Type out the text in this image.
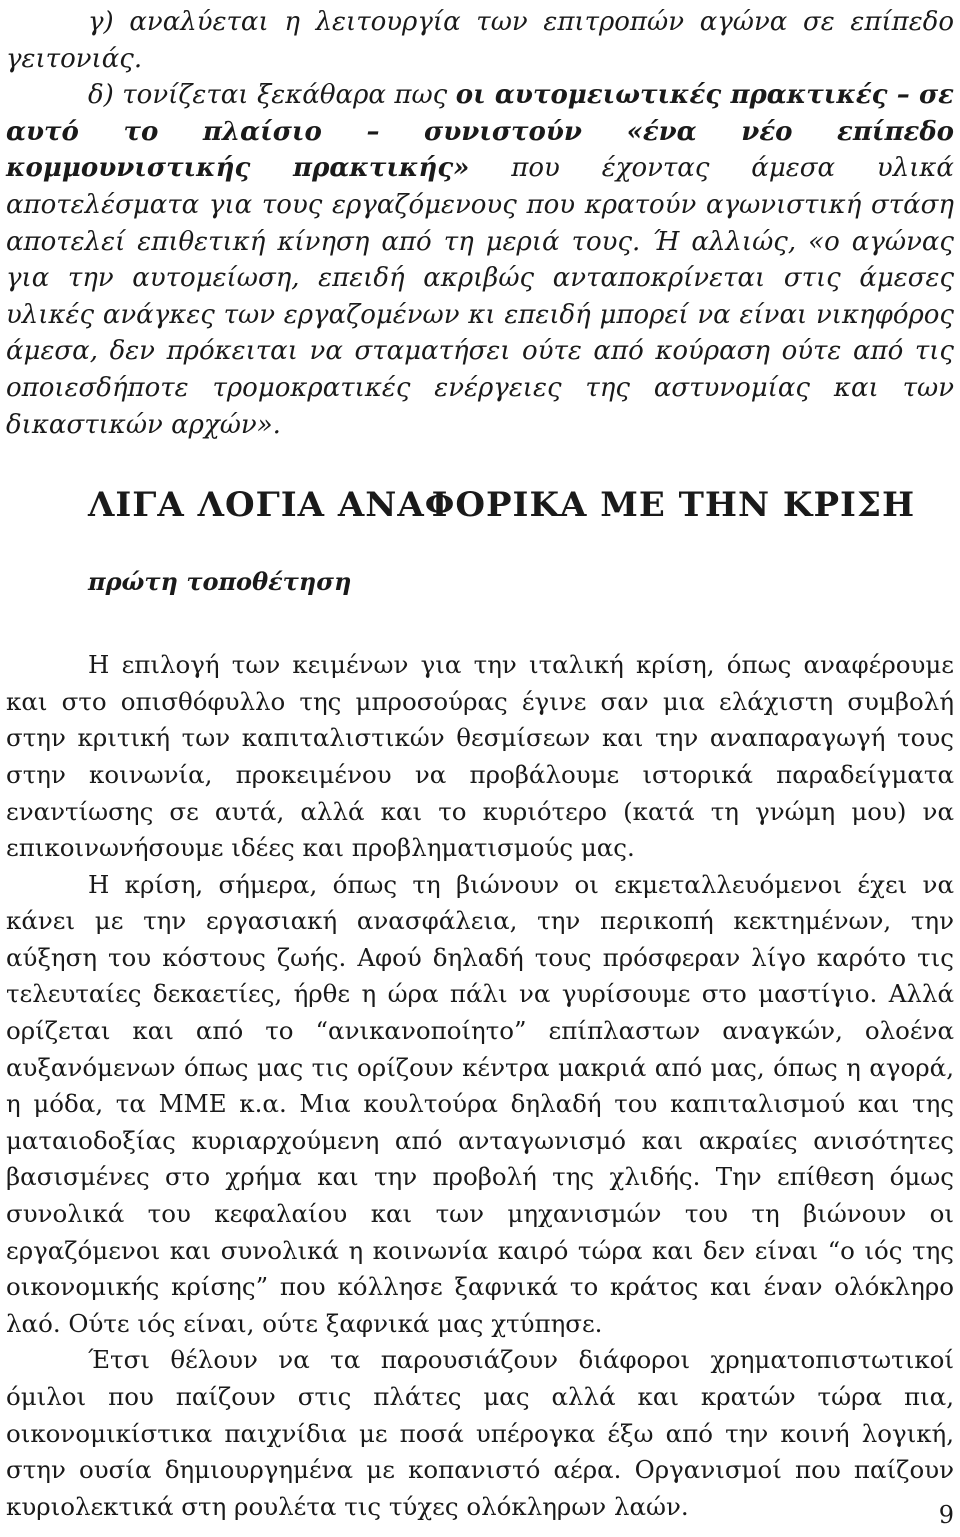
γ) αναλύεται η λειτουργία των επιτροπών αγώνα σε επίπεδο γειτονιάς.

δ) τονίζεται ξεκάθαρα πως οι αυτομειωτικές πρακτικές – σε αυτό το πλαίσιο – συνιστούν «ένα νέο επίπεδο κομμουνιστικής πρακτικής» που έχοντας άμεσα υλικά αποτελέσματα για τους εργαζόμενους που κρατούν αγωνιστική στάση αποτελεί επιθετική κίνηση από τη μεριά τους. Ή αλλιώς, «ο αγώνας για την αυτομείωση, επειδή ακριβώς ανταποκρίνεται στις άμεσες υλικές ανάγκες των εργαζομένων κι επειδή μπορεί να είναι νικηφόρος άμεσα, δεν πρόκειται να σταματήσει ούτε από κούραση ούτε από τις οποιεσδήποτε τρομοκρατικές ενέργειες της αστυνομίας και των δικαστικών αρχών».

ΛΙΓΑ ΛΟΓΙΑ ΑΝΑΦΟΡΙΚΑ ΜΕ ΤΗΝ ΚΡΙΣΗ
πρώτη τοποθέτηση

Η επιλογή των κειμένων για την ιταλική κρίση, όπως αναφέρουμε και στο οπισθόφυλλο της μπροσούρας έγινε σαν μια ελάχιστη συμβολή στην κριτική των καπιταλιστικών θεσμίσεων και την αναπαραγωγή τους στην κοινωνία, προκειμένου να προβάλουμε ιστορικά παραδείγματα εναντίωσης σε αυτά, αλλά και το κυριότερο (κατά τη γνώμη μου) να επικοινωνήσουμε ιδέες και προβληματισμούς μας.

Η κρίση, σήμερα, όπως τη βιώνουν οι εκμεταλλευόμενοι έχει να κάνει με την εργασιακή ανασφάλεια, την περικοπή κεκτημένων, την αύξηση του κόστους ζωής. Αφού δηλαδή τους πρόσφεραν λίγο καρότο τις τελευταίες δεκαετίες, ήρθε η ώρα πάλι να γυρίσουμε στο μαστίγιο. Αλλά ορίζεται και από το “ανικανοποίητο” επίπλαστων αναγκών, ολοένα αυξανόμενων όπως μας τις ορίζουν κέντρα μακριά από μας, όπως η αγορά, η μόδα, τα ΜΜΕ κ.α. Μια κουλτούρα δηλαδή του καπιταλισμού και της ματαιοδοξίας κυριαρχούμενη από ανταγωνισμό και ακραίες ανισότητες βασισμένες στο χρήμα και την προβολή της χλιδής. Την επίθεση όμως συνολικά του κεφαλαίου και των μηχανισμών του τη βιώνουν οι εργαζόμενοι και συνολικά η κοινωνία καιρό τώρα και δεν είναι “ο ιός της οικονομικής κρίσης” που κόλλησε ξαφνικά το κράτος και έναν ολόκληρο λαό. Ούτε ιός είναι, ούτε ξαφνικά μας χτύπησε.

Έτσι θέλουν να τα παρουσιάζουν διάφοροι χρηματοπιστωτικοί όμιλοι που παίζουν στις πλάτες μας αλλά και κρατών τώρα πια, οικονομικίστικα παιχνίδια με ποσά υπέρογκα έξω από την κοινή λογική, στην ουσία δημιουργημένα με κοπανιστό αέρα. Οργανισμοί που παίζουν κυριολεκτικά στη ρουλέτα τις τύχες ολόκληρων λαών.	9
